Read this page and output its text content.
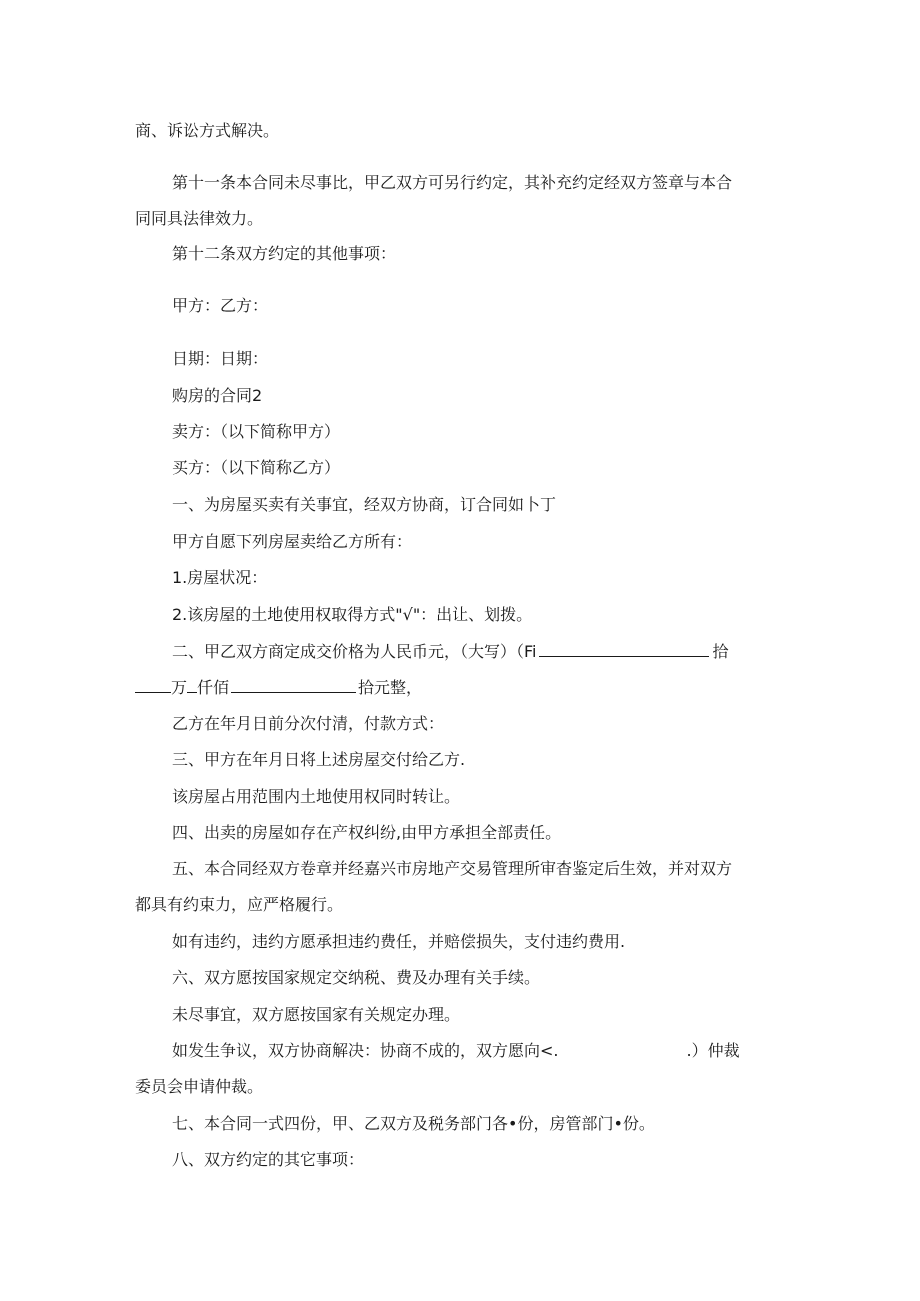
商、诉讼方式解决。
第十一条本合同未尽事比，甲乙双方可另行约定，其补充约定经双方签章与本合
同同具法律效力。
第十二条双方约定的其他事项：
甲方：乙方：
日期：日期：
购房的合同2
卖方：（以下简称甲方）
买方：（以下简称乙方）
一、为房屋买卖有关事宜，经双方协商，订合同如卜丁
甲方自愿下列房屋卖给乙方所有：
1.房屋状况：
2.该房屋的土地使用权取得方式"√"：出让、划拨。
二、甲乙双方商定成交价格为人民币元，（大写）（Fi	拾
万 仟佰	拾元整，
乙方在年月日前分次付清，付款方式：
三、甲方在年月日将上述房屋交付给乙方.
该房屋占用范围内土地使用权同时转让。
四、出卖的房屋如存在产权纠纷,由甲方承担全部责任。
五、本合同经双方卷章并经嘉兴市房地产交易管理所审杳鉴定后生效，并对双方
都具有约束力，应严格履行。
如有违约，违约方愿承担违约费任，并赔偿损失，支付违约费用.
六、双方愿按国家规定交纳税、费及办理有关手续。
未尽事宜，双方愿按国家有关规定办理。
如发生争议，双方协商解决：协商不成的，双方愿向<.	.）仲裁
委员会申请仲裁。
七、本合同一式四份，甲、乙双方及税务部门各•份，房管部门•份。
八、双方约定的其它事项：
